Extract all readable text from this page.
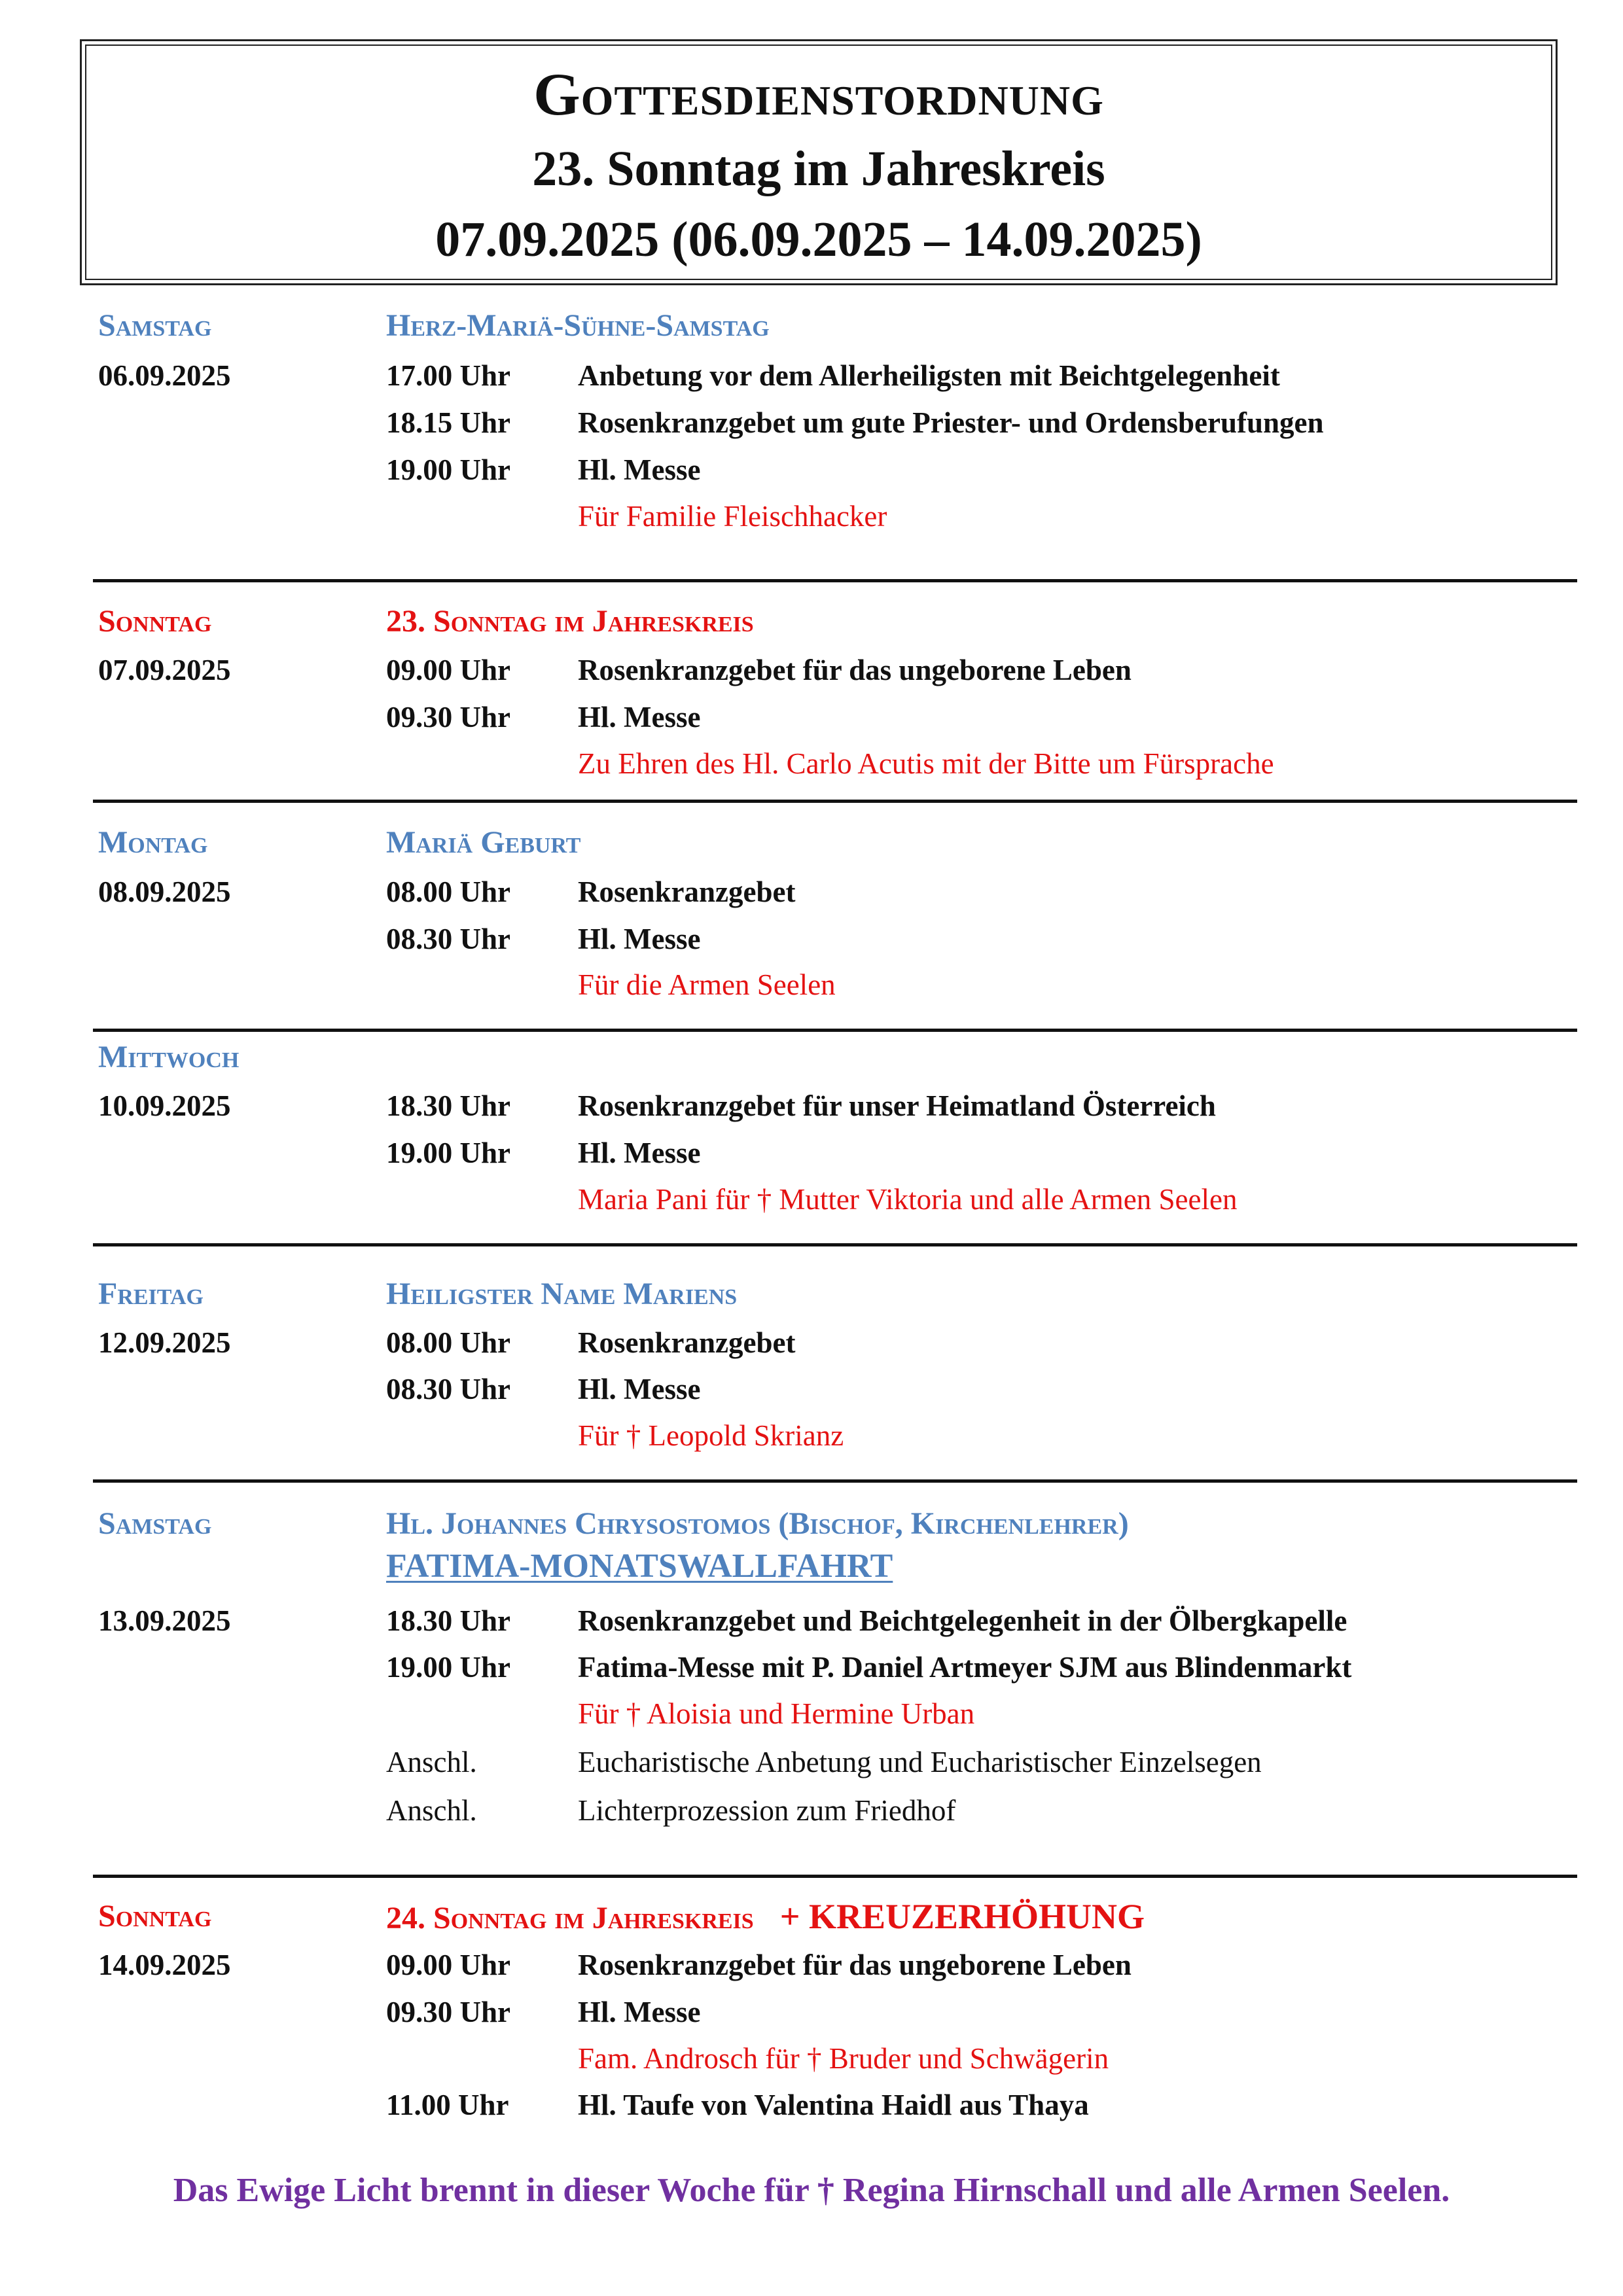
Gottesdienstordnung
23. Sonntag im Jahreskreis
07.09.2025 (06.09.2025 – 14.09.2025)
Samstag	Herz-Mariä-Sühne-Samstag
06.09.2025	17.00 Uhr Anbetung vor dem Allerheiligsten mit Beichtgelegenheit
18.15 Uhr Rosenkranzgebet um gute Priester- und Ordensberufungen
19.00 Uhr Hl. Messe
Für Familie Fleischhacker
Sonntag	23. Sonntag im Jahreskreis
07.09.2025	09.00 Uhr Rosenkranzgebet für das ungeborene Leben
09.30 Uhr Hl. Messe
Zu Ehren des Hl. Carlo Acutis mit der Bitte um Fürsprache
Montag	Mariä Geburt
08.09.2025	08.00 Uhr Rosenkranzgebet
08.30 Uhr Hl. Messe
Für die Armen Seelen
Mittwoch
10.09.2025	18.30 Uhr Rosenkranzgebet für unser Heimatland Österreich
19.00 Uhr Hl. Messe
Maria Pani für † Mutter Viktoria und alle Armen Seelen
Freitag	Heiligster Name Mariens
12.09.2025	08.00 Uhr Rosenkranzgebet
08.30 Uhr Hl. Messe
Für † Leopold Skrianz
Samstag	Hl. Johannes Chrysostomos (Bischof, Kirchenlehrer)
FATIMA-MONATSWALLFAHRT
13.09.2025	18.30 Uhr Rosenkranzgebet und Beichtgelegenheit in der Ölbergkapelle
19.00 Uhr Fatima-Messe mit P. Daniel Artmeyer SJM aus Blindenmarkt
Für † Aloisia und Hermine Urban
Anschl.	Eucharistische Anbetung und Eucharistischer Einzelsegen
Anschl.	Lichterprozession zum Friedhof
Sonntag	24. Sonntag im Jahreskreis + KREUZERHÖHUNG
14.09.2025	09.00 Uhr Rosenkranzgebet für das ungeborene Leben
09.30 Uhr Hl. Messe
Fam. Androsch für † Bruder und Schwägerin
11.00 Uhr Hl. Taufe von Valentina Haidl aus Thaya
Das Ewige Licht brennt in dieser Woche für † Regina Hirnschall und alle Armen Seelen.
